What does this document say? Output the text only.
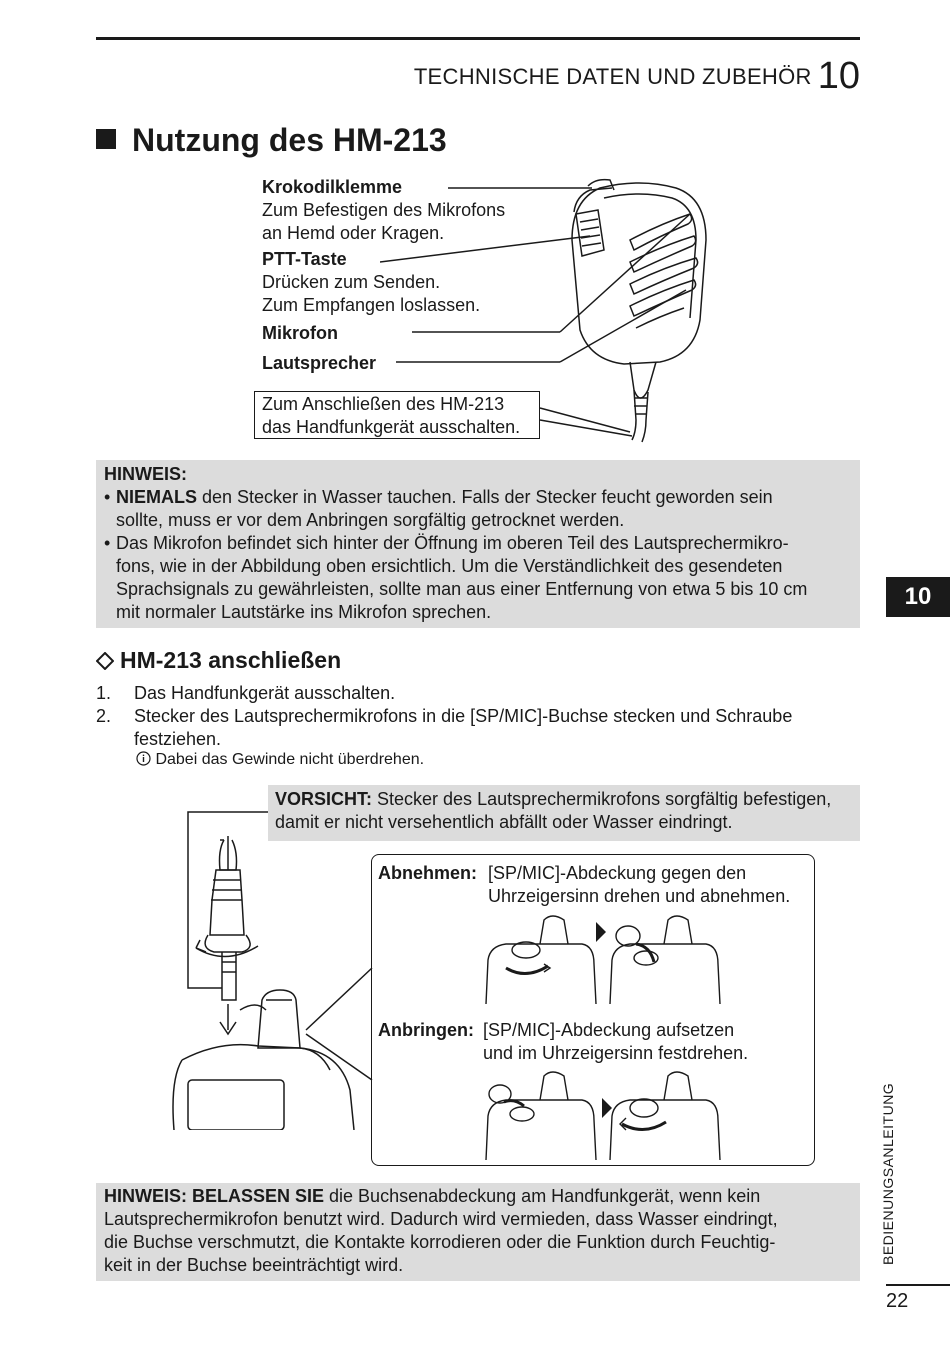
TECHNISCHE DATEN UND ZUBEHÖR 10
Nutzung des HM-213
Krokodilklemme
Zum Befestigen des Mikrofons
an Hemd oder Kragen.
PTT-Taste
Drücken zum Senden.
Zum Empfangen loslassen.
Mikrofon
Lautsprecher
Zum Anschließen des HM-213
das Handfunkgerät ausschalten.
HINWEIS:
• NIEMALS den Stecker in Wasser tauchen. Falls der Stecker feucht geworden sein
sollte, muss er vor dem Anbringen sorgfältig getrocknet werden.
• Das Mikrofon befindet sich hinter der Öffnung im oberen Teil des Lautsprechermikro-
fons, wie in der Abbildung oben ersichtlich. Um die Verständlichkeit des gesendeten
Sprachsignals zu gewährleisten, sollte man aus einer Entfernung von etwa 5 bis 10 cm
mit normaler Lautstärke ins Mikrofon sprechen.
10
HM-213 anschließen
1. Das Handfunkgerät ausschalten.
2. Stecker des Lautsprechermikrofons in die [SP/MIC]-Buchse stecken und Schraube
festziehen.
Dabei das Gewinde nicht überdrehen.
VORSICHT: Stecker des Lautsprechermikrofons sorgfältig befestigen,
damit er nicht versehentlich abfällt oder Wasser eindringt.
Abnehmen: [SP/MIC]-Abdeckung gegen den
Uhrzeigersinn drehen und abnehmen.
Anbringen: [SP/MIC]-Abdeckung aufsetzen
und im Uhrzeigersinn festdrehen.
HINWEIS: BELASSEN SIE die Buchsenabdeckung am Handfunkgerät, wenn kein
Lautsprechermikrofon benutzt wird. Dadurch wird vermieden, dass Wasser eindringt,
die Buchse verschmutzt, die Kontakte korrodieren oder die Funktion durch Feuchtig-
keit in der Buchse beeinträchtigt wird.	BEDIENUNGSANLEITUNG
22
